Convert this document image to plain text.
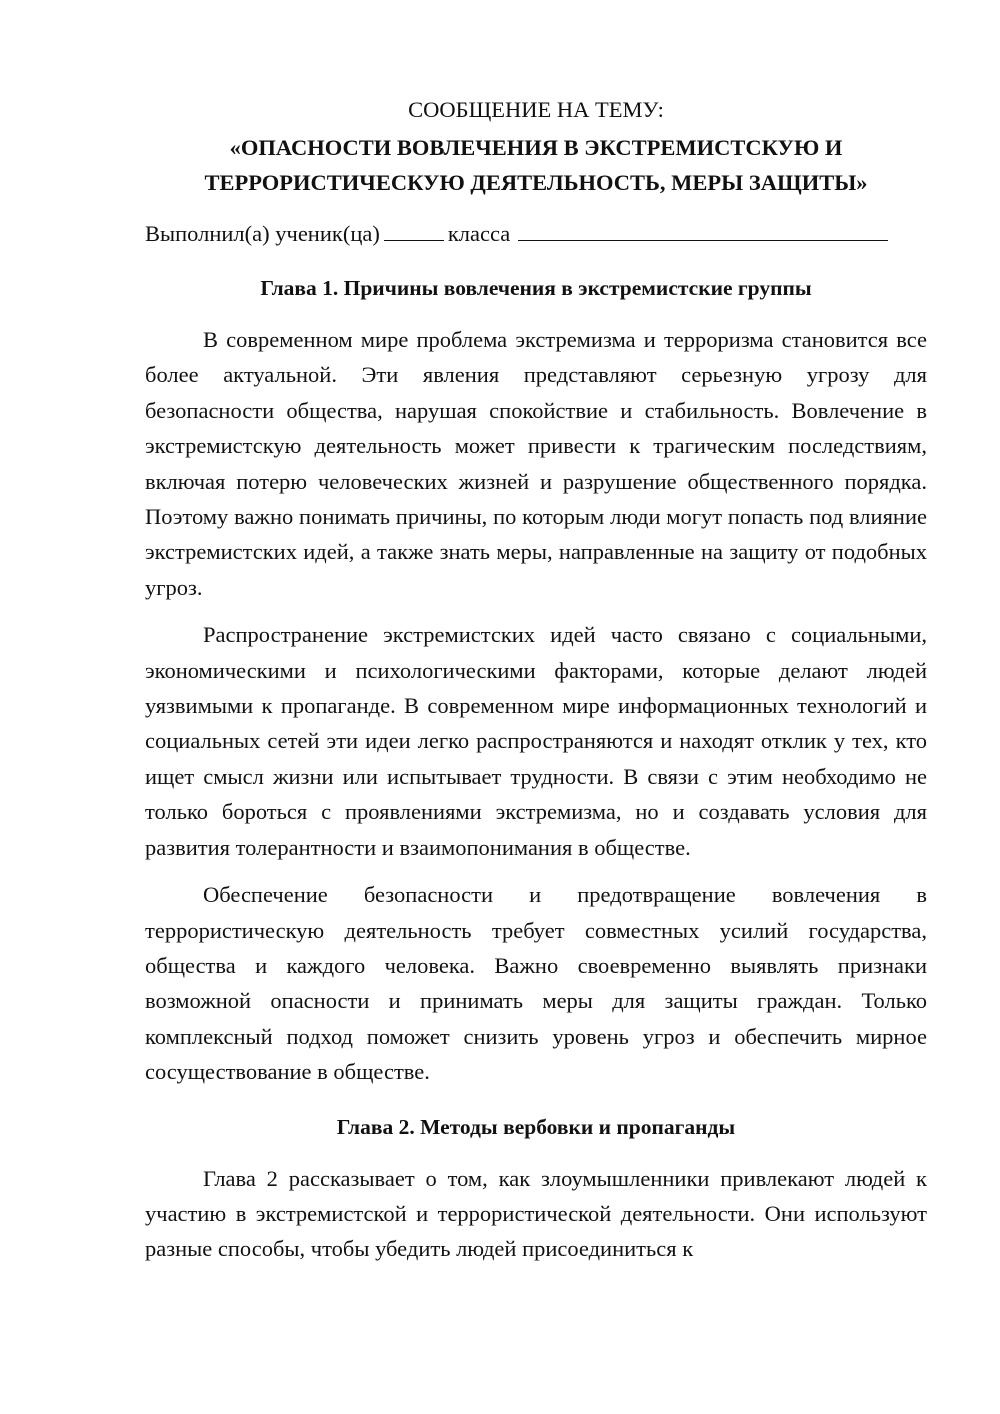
СООБЩЕНИЕ НА ТЕМУ:

«ОПАСНОСТИ ВОВЛЕЧЕНИЯ В ЭКСТРЕМИСТСКУЮ И
ТЕРРОРИСТИЧЕСКУЮ ДЕЯТЕЛЬНОСТЬ, МЕРЫ ЗАЩИТЫ»

Выполнил(а) ученик(ца)	класса

Глава 1. Причины вовлечения в экстремистские группы

В современном мире проблема экстремизма и терроризма становится все более актуальной. Эти явления представляют серьезную угрозу для безопасности общества, нарушая спокойствие и стабильность. Вовлечение в экстремистскую деятельность может привести к трагическим последствиям, включая потерю человеческих жизней и разрушение общественного порядка. Поэтому важно понимать причины, по которым люди могут попасть под влияние экстремистских идей, а также знать меры, направленные на защиту от подобных угроз.

Распространение экстремистских идей часто связано с социальными, экономическими и психологическими факторами, которые делают людей уязвимыми к пропаганде. В современном мире информационных технологий и социальных сетей эти идеи легко распространяются и находят отклик у тех, кто ищет смысл жизни или испытывает трудности. В связи с этим необходимо не только бороться с проявлениями экстремизма, но и создавать условия для развития толерантности и взаимопонимания в обществе.

Обеспечение безопасности и предотвращение вовлечения в террористическую деятельность требует совместных усилий государства, общества и каждого человека. Важно своевременно выявлять признаки возможной опасности и принимать меры для защиты граждан. Только комплексный подход поможет снизить уровень угроз и обеспечить мирное сосуществование в обществе.

Глава 2. Методы вербовки и пропаганды

Глава 2 рассказывает о том, как злоумышленники привлекают людей к участию в экстремистской и террористической деятельности. Они используют разные способы, чтобы убедить людей присоединиться к
